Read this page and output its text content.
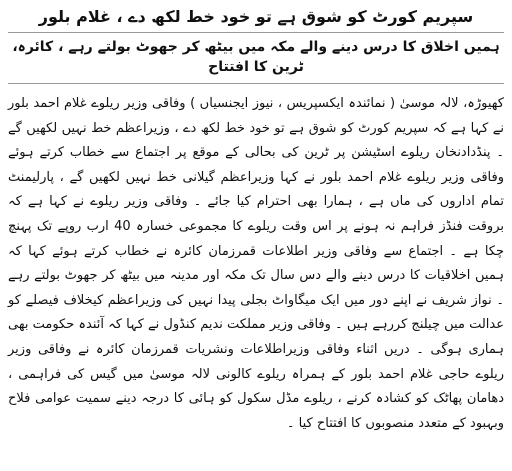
سپریم کورٹ کو شوق ہے تو خود خط لکھ دے ، غلام بلور
ہمیں اخلاق کا درس دینے والے مکہ میں بیٹھ کر جھوٹ بولتے رہے ، کائرہ، ٹرین کا افتتاح

کھیوڑہ، لالہ موسیٰ ( نمائندہ ایکسپریس ، نیوز ایجنسیاں ) وفاقی وزیر ریلوے غلام احمد بلور نے کہا ہے کہ سپریم کورٹ کو شوق ہے تو خود خط لکھ دے ، وزیراعظم خط نہیں لکھیں گے ۔ پنڈدادنخان ریلوے اسٹیشن پر ٹرین کی بحالی کے موقع پر اجتماع سے خطاب کرتے ہوئے وفاقی وزیر ریلوے غلام احمد بلور نے کہا وزیراعظم گیلانی خط نہیں لکھیں گے ، پارلیمنٹ تمام اداروں کی ماں ہے ، ہمارا بھی احترام کیا جائے ۔ وفاقی وزیر ریلوے نے کہا ہے کہ بروقت فنڈز فراہم نہ ہونے پر اس وقت ریلوے کا مجموعی خسارہ 40 ارب روپے تک پہنچ چکا ہے ۔ اجتماع سے وفاقی وزیر اطلاعات قمرزمان کائرہ نے خطاب کرتے ہوئے کہا کہ ہمیں اخلاقیات کا درس دینے والے دس سال تک مکہ اور مدینہ میں بیٹھ کر جھوٹ بولتے رہے ۔ نواز شریف نے اپنے دور میں ایک میگاواٹ بجلی پیدا نہیں کی وزیراعظم کیخلاف فیصلے کو عدالت میں چیلنج کررہے ہیں ۔ وفاقی وزیر مملکت ندیم کنڈول نے کہا کہ آئندہ حکومت بھی ہماری ہوگی ۔ دریں اثناء وفاقی وزیراطلاعات ونشریات قمرزمان کائرہ نے وفاقی وزیر ریلوے حاجی غلام احمد بلور کے ہمراہ ریلوے کالونی لالہ موسیٰ میں گیس کی فراہمی ، دھامان پھاٹک کو کشادہ کرنے ، ریلوے مڈل سکول کو ہائی کا درجہ دینے سمیت عوامی فلاح وبہبود کے متعدد منصوبوں کا افتتاح کیا ۔
